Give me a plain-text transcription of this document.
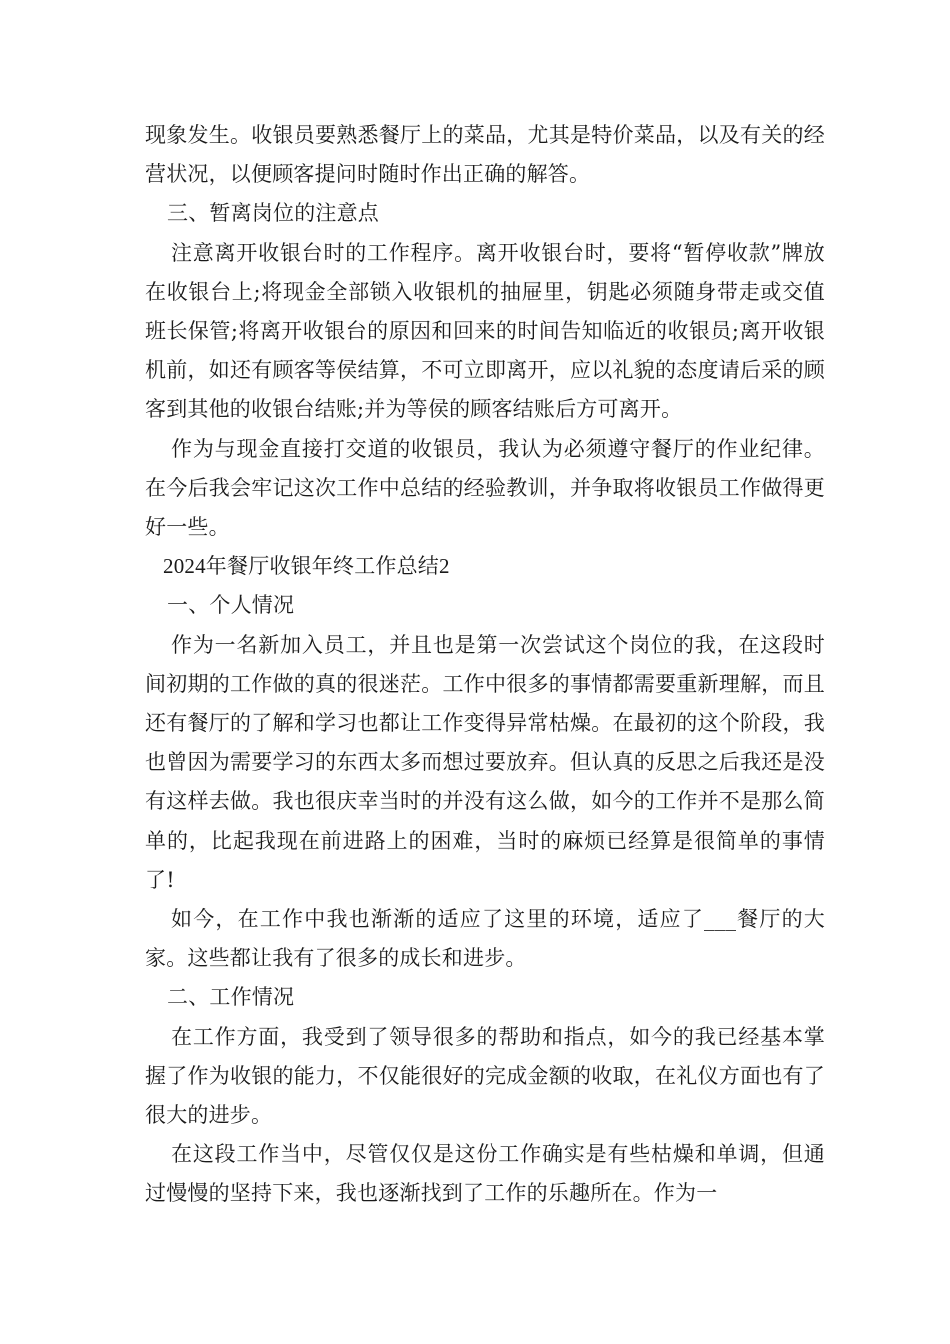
现象发生。收银员要熟悉餐厅上的菜品，尤其是特价菜品，以及有关的经营状况，以便顾客提问时随时作出正确的解答。

三、暂离岗位的注意点

注意离开收银台时的工作程序。离开收银台时，要将“暂停收款”牌放在收银台上;将现金全部锁入收银机的抽屉里，钥匙必须随身带走或交值班长保管;将离开收银台的原因和回来的时间告知临近的收银员;离开收银机前，如还有顾客等侯结算，不可立即离开，应以礼貌的态度请后采的顾客到其他的收银台结账;并为等侯的顾客结账后方可离开。

作为与现金直接打交道的收银员，我认为必须遵守餐厅的作业纪律。在今后我会牢记这次工作中总结的经验教训，并争取将收银员工作做得更好一些。

2024年餐厅收银年终工作总结2

一、个人情况

作为一名新加入员工，并且也是第一次尝试这个岗位的我，在这段时间初期的工作做的真的很迷茫。工作中很多的事情都需要重新理解，而且还有餐厅的了解和学习也都让工作变得异常枯燥。在最初的这个阶段，我也曾因为需要学习的东西太多而想过要放弃。但认真的反思之后我还是没有这样去做。我也很庆幸当时的并没有这么做，如今的工作并不是那么简单的，比起我现在前进路上的困难，当时的麻烦已经算是很简单的事情了!

如今，在工作中我也渐渐的适应了这里的环境，适应了___餐厅的大家。这些都让我有了很多的成长和进步。

二、工作情况

在工作方面，我受到了领导很多的帮助和指点，如今的我已经基本掌握了作为收银的能力，不仅能很好的完成金额的收取，在礼仪方面也有了很大的进步。

在这段工作当中，尽管仅仅是这份工作确实是有些枯燥和单调，但通过慢慢的坚持下来，我也逐渐找到了工作的乐趣所在。作为一
